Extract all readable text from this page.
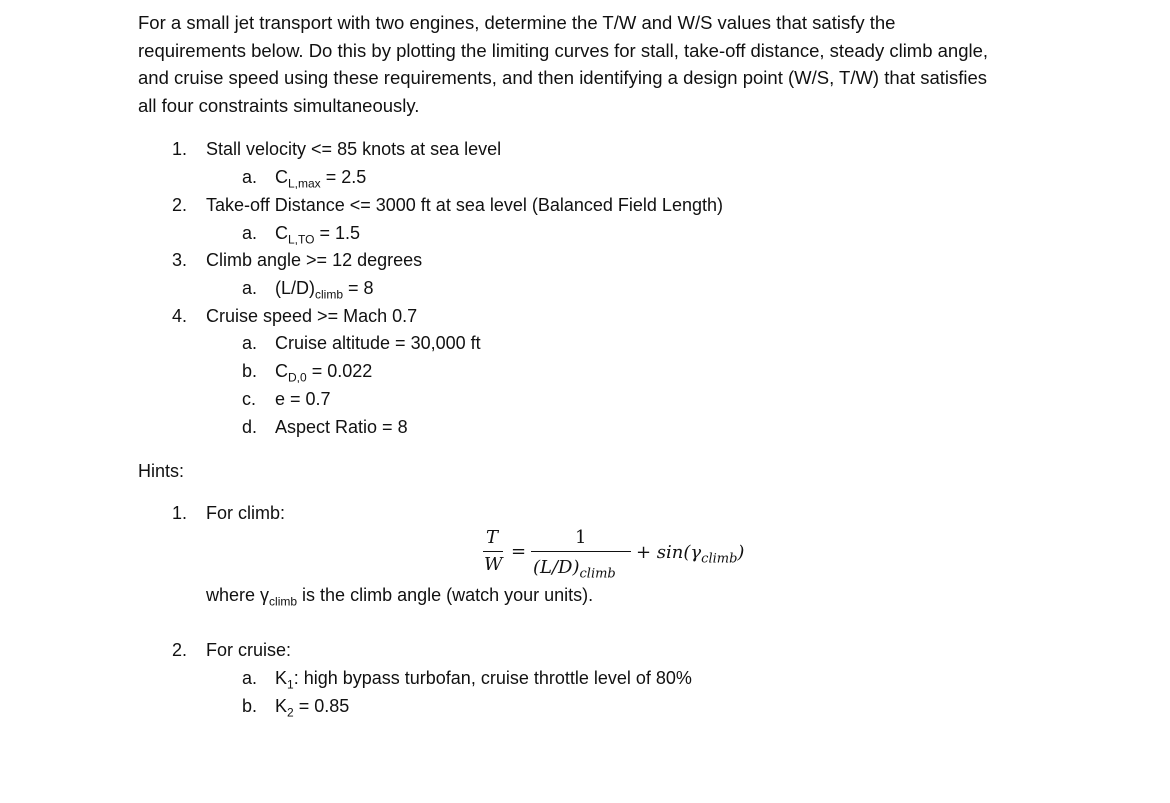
For a small jet transport with two engines, determine the T/W and W/S values that satisfy the
requirements below. Do this by plotting the limiting curves for stall, take-off distance, steady climb angle,
and cruise speed using these requirements, and then identifying a design point (W/S, T/W) that satisfies
all four constraints simultaneously.
1. Stall velocity <= 85 knots at sea level
a. $C_{L,max} = 2.5$
2. Take-off Distance <= 3000 ft at sea level (Balanced Field Length)
a. $C_{L,TO} = 1.5$
3. Climb angle >= 12 degrees
a. $(L/D)_{climb} = 8$
4. Cruise speed >= Mach 0.7
a. Cruise altitude = 30,000 ft
b. $C_{D,0} = 0.022$
c. e = 0.7
d. Aspect Ratio = 8
Hints:
1. For climb:
T
W
=
1
$(L/D)_{climb}$
+ $\sin(\gamma_{climb})$
where $\gamma_{climb}$ is the climb angle (watch your units).
2. For cruise:
a. $K_1$: high bypass turbofan, cruise throttle level of 80%
b. $K_2 = 0.85$
